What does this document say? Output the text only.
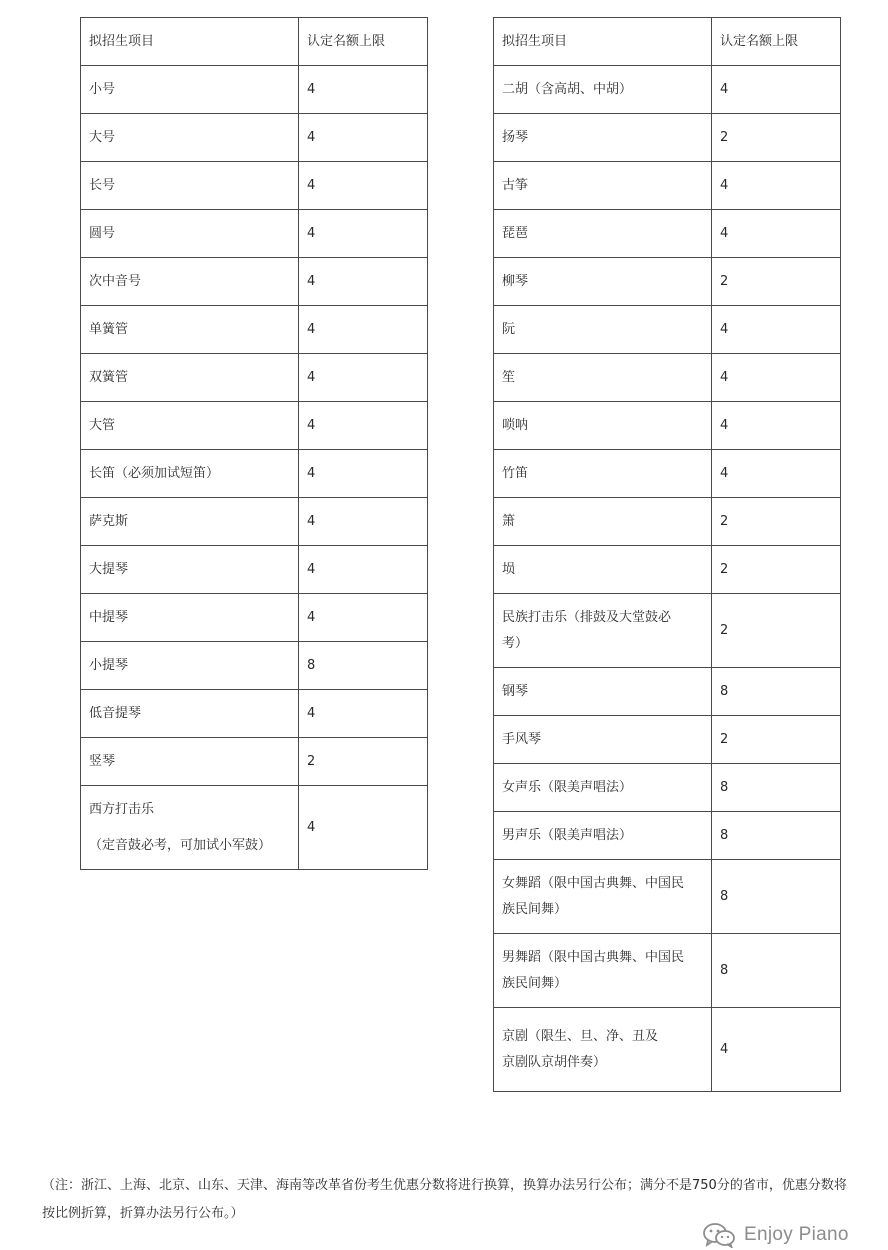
拟招生项目	认定名额上限
小号	4
大号	4
长号	4
圆号	4
次中音号	4
单簧管	4
双簧管	4
大管	4
长笛（必须加试短笛）	4
萨克斯	4
大提琴	4
中提琴	4
小提琴	8
低音提琴	4
竖琴	2

西方打击乐
（定音鼓必考，可加试小军鼓）	4
拟招生项目	认定名额上限
二胡（含高胡、中胡）	4
扬琴	2
古筝	4
琵琶	4
柳琴	2
阮	4
笙	4
唢呐	4
竹笛	4
箫	2
埙	2

民族打击乐（排鼓及大堂鼓必
考）	2
钢琴	8
手风琴	2
女声乐（限美声唱法）	8
男声乐（限美声唱法）	8

女舞蹈（限中国古典舞、中国民
族民间舞）	8

男舞蹈（限中国古典舞、中国民
族民间舞）	8

京剧（限生、旦、净、丑及
京剧队京胡伴奏）	4
（注：浙江、上海、北京、山东、天津、海南等改革省份考生优惠分数将进行换算，换算办法另行公布；满分不是750分的省市，优惠分数将
按比例折算，折算办法另行公布。）
Enjoy Piano
